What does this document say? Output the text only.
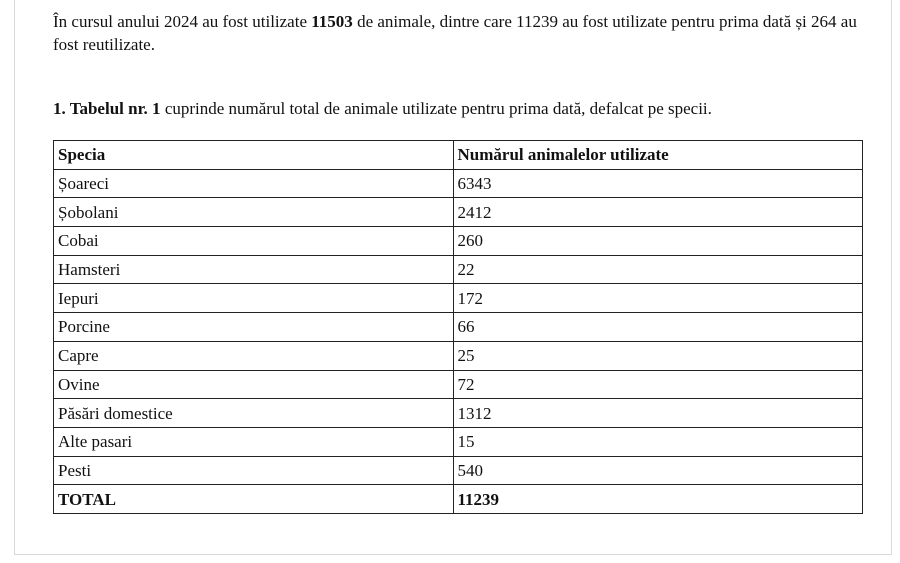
În cursul anului 2024 au fost utilizate 11503 de animale, dintre care 11239 au fost utilizate pentru prima dată și 264 au fost reutilizate.

1. Tabelul nr. 1 cuprinde numărul total de animale utilizate pentru prima dată, defalcat pe specii.

Specia	Numărul animalelor utilizate
Șoareci	6343
Șobolani	2412
Cobai	260
Hamsteri	22
Iepuri	172
Porcine	66
Capre	25
Ovine	72
Păsări domestice	1312
Alte pasari	15
Pesti	540
TOTAL	11239
